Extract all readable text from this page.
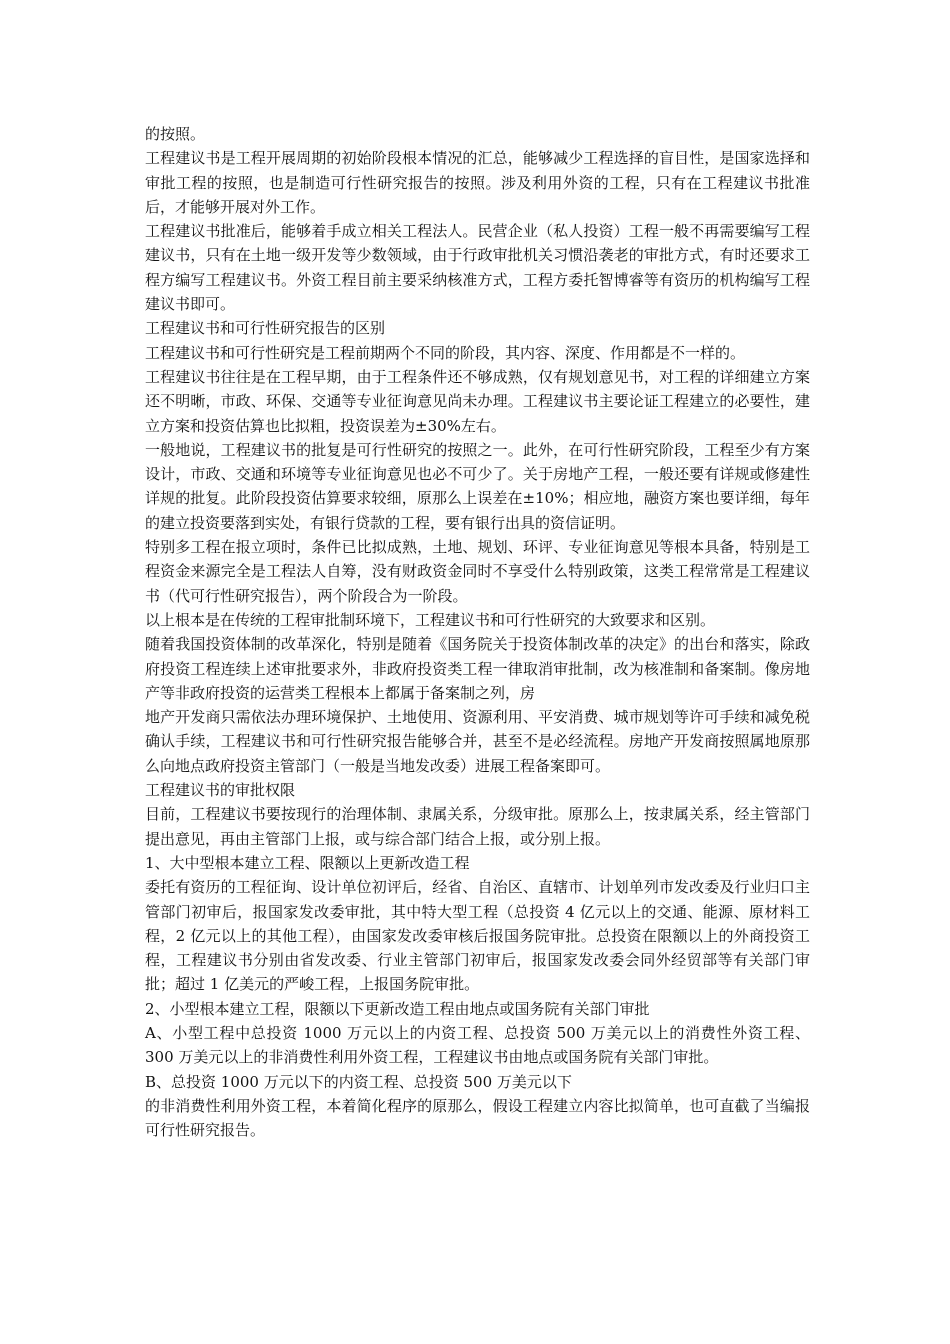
的按照。

工程建议书是工程开展周期的初始阶段根本情况的汇总，能够减少工程选择的盲目性，是国家选择和审批工程的按照，也是制造可行性研究报告的按照。涉及利用外资的工程，只有在工程建议书批准后，才能够开展对外工作。

工程建议书批准后，能够着手成立相关工程法人。民营企业（私人投资）工程一般不再需要编写工程建议书，只有在土地一级开发等少数领域，由于行政审批机关习惯沿袭老的审批方式，有时还要求工程方编写工程建议书。外资工程目前主要采纳核准方式，工程方委托智博睿等有资历的机构编写工程建议书即可。

工程建议书和可行性研究报告的区别

工程建议书和可行性研究是工程前期两个不同的阶段，其内容、深度、作用都是不一样的。

工程建议书往往是在工程早期，由于工程条件还不够成熟，仅有规划意见书，对工程的详细建立方案还不明晰，市政、环保、交通等专业征询意见尚未办理。工程建议书主要论证工程建立的必要性，建立方案和投资估算也比拟粗，投资误差为±30%左右。

一般地说，工程建议书的批复是可行性研究的按照之一。此外，在可行性研究阶段，工程至少有方案设计，市政、交通和环境等专业征询意见也必不可少了。关于房地产工程，一般还要有详规或修建性详规的批复。此阶段投资估算要求较细，原那么上误差在±10%；相应地，融资方案也要详细，每年的建立投资要落到实处，有银行贷款的工程，要有银行出具的资信证明。

特别多工程在报立项时，条件已比拟成熟，土地、规划、环评、专业征询意见等根本具备，特别是工程资金来源完全是工程法人自筹，没有财政资金同时不享受什么特别政策，这类工程常常是工程建议书（代可行性研究报告），两个阶段合为一阶段。

以上根本是在传统的工程审批制环境下，工程建议书和可行性研究的大致要求和区别。

随着我国投资体制的改革深化，特别是随着《国务院关于投资体制改革的决定》的出台和落实，除政府投资工程连续上述审批要求外，非政府投资类工程一律取消审批制，改为核准制和备案制。像房地产等非政府投资的运营类工程根本上都属于备案制之列，房

地产开发商只需依法办理环境保护、土地使用、资源利用、平安消费、城市规划等许可手续和减免税确认手续，工程建议书和可行性研究报告能够合并，甚至不是必经流程。房地产开发商按照属地原那么向地点政府投资主管部门（一般是当地发改委）进展工程备案即可。

工程建议书的审批权限

目前，工程建议书要按现行的治理体制、隶属关系，分级审批。原那么上，按隶属关系，经主管部门提出意见，再由主管部门上报，或与综合部门结合上报，或分别上报。

1、大中型根本建立工程、限额以上更新改造工程

委托有资历的工程征询、设计单位初评后，经省、自治区、直辖市、计划单列市发改委及行业归口主管部门初审后，报国家发改委审批，其中特大型工程（总投资 4 亿元以上的交通、能源、原材料工程，2 亿元以上的其他工程），由国家发改委审核后报国务院审批。总投资在限额以上的外商投资工程，工程建议书分别由省发改委、行业主管部门初审后，报国家发改委会同外经贸部等有关部门审批；超过 1 亿美元的严峻工程，上报国务院审批。

2、小型根本建立工程，限额以下更新改造工程由地点或国务院有关部门审批

A、小型工程中总投资 1000 万元以上的内资工程、总投资 500 万美元以上的消费性外资工程、300 万美元以上的非消费性利用外资工程，工程建议书由地点或国务院有关部门审批。

B、总投资 1000 万元以下的内资工程、总投资 500 万美元以下

的非消费性利用外资工程，本着简化程序的原那么，假设工程建立内容比拟简单，也可直截了当编报可行性研究报告。
